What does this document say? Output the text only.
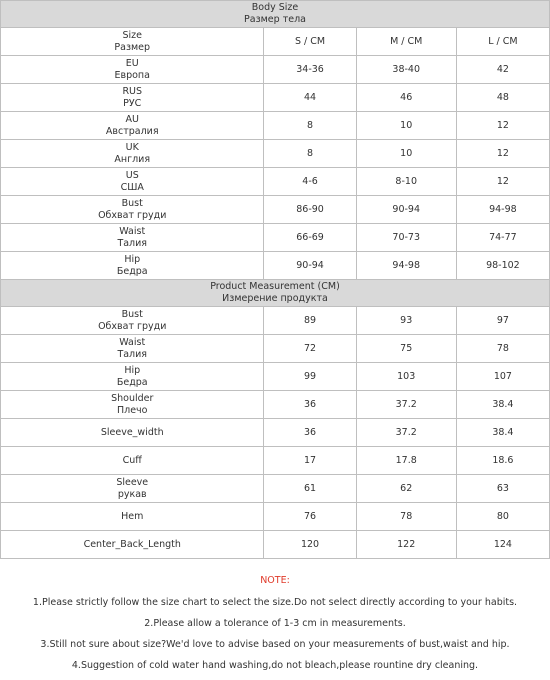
Body Size
Размер тела			

Size
Размер	S / CM	M / CM	L / CM

EU
Европа	34-36	38-40	42

RUS
РУС	44	46	48

AU
Австралия	8	10	12

UK
Англия	8	10	12

US
США	4-6	8-10	12

Bust
Обхват груди	86-90	90-94	94-98

Waist
Талия	66-69	70-73	74-77

Hip
Бедра	90-94	94-98	98-102

Product Measurement (CM)
Измерение продукта			

Bust
Обхват груди	89	93	97

Waist
Талия	72	75	78

Hip
Бедра	99	103	107

Shoulder
Плечо	36	37.2	38.4

Sleeve_width	36	37.2	38.4

Cuff	17	17.8	18.6

Sleeve
рукав	61	62	63

Hem	76	78	80

Center_Back_Length	120	122	124
NOTE:
1.Please strictly follow the size chart to select the size.Do not select directly according to your habits.
2.Please allow a tolerance of 1-3 cm in measurements.
3.Still not sure about size?We'd love to advise based on your measurements of bust,waist and hip.
4.Suggestion of cold water hand washing,do not bleach,please rountine dry cleaning.
